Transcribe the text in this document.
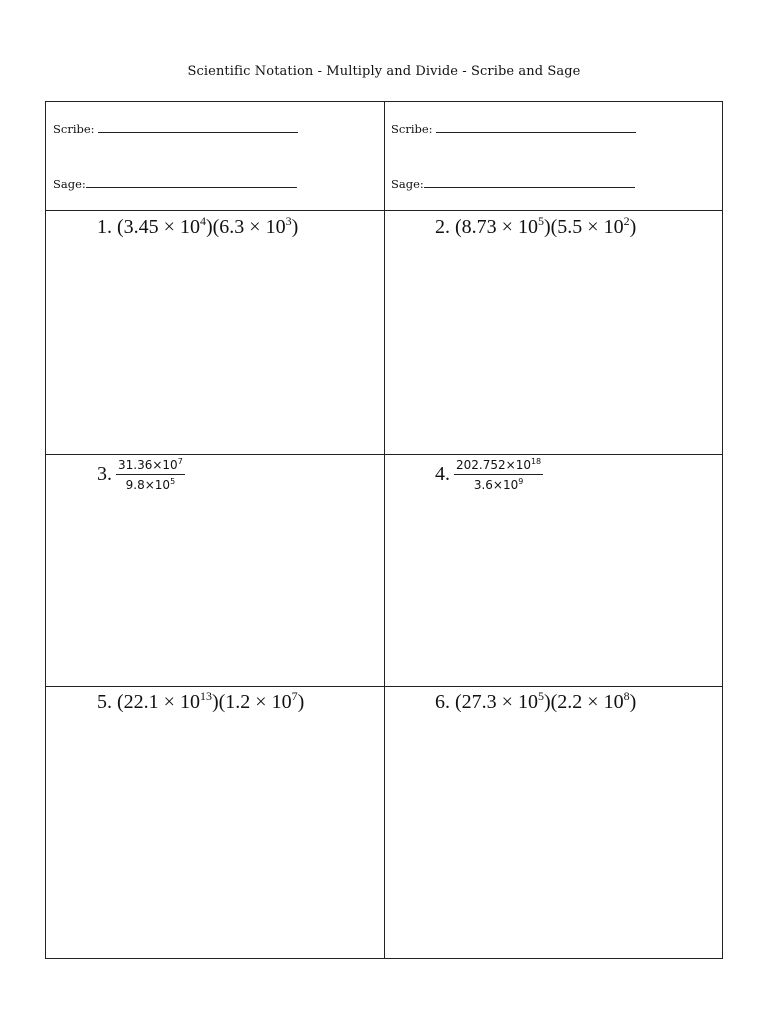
Scientific Notation - Multiply and Divide - Scribe and Sage
Scribe:
Sage:
Scribe:
Sage:
1. $(3.45 \times 10^4)(6.3 \times 10^3)$	2. $(8.73 \times 10^5)(5.5 \times 10^2)$
3. $\frac{31.36\times 10^7}{9.8\times 10^5}$	4. $\frac{202.752\times 10^{18}}{3.6\times 10^9}$
5. $(22.1 \times 10^{13})(1.2 \times 10^7)$	6. $(27.3 \times 10^5)(2.2 \times 10^8)$
